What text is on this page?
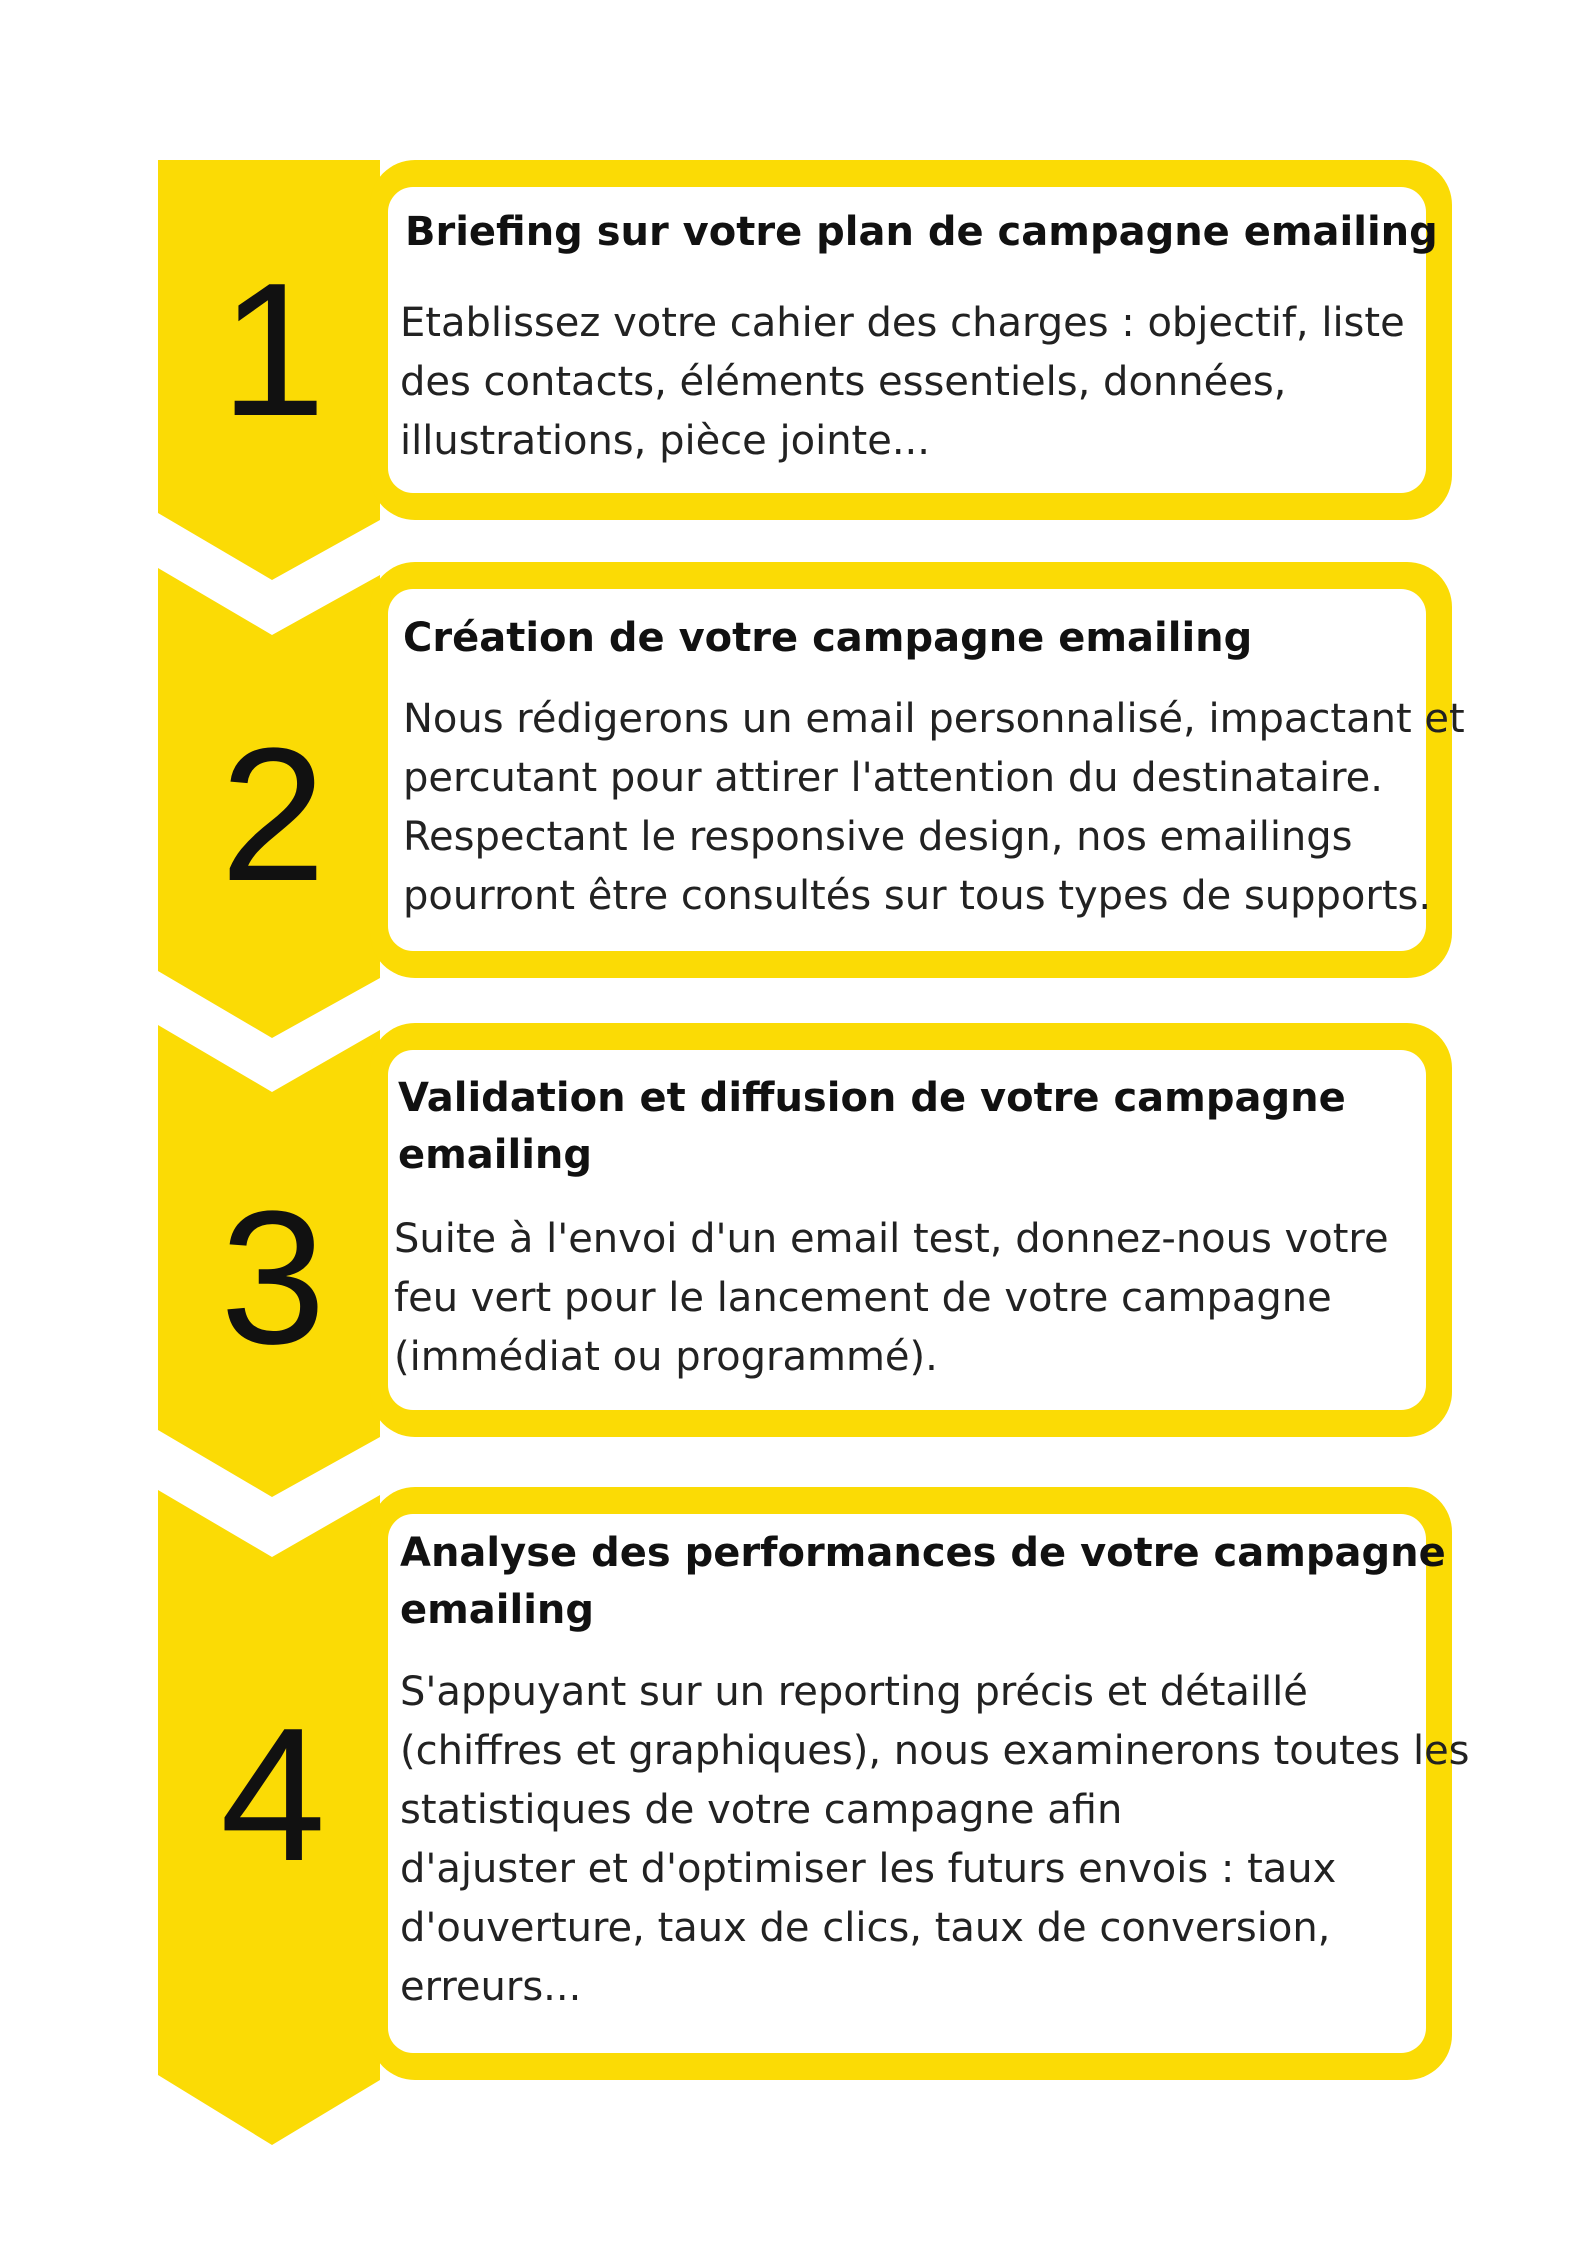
1
Briefing sur votre plan de campagne emailing

Etablissez votre cahier des charges : objectif, liste
des contacts, éléments essentiels, données,
illustrations, pièce jointe...

2
Création de votre campagne emailing

Nous rédigerons un email personnalisé, impactant et
percutant pour attirer l'attention du destinataire.
Respectant le responsive design, nos emailings
pourront être consultés sur tous types de supports.

3
Validation et diffusion de votre campagne
emailing

Suite à l'envoi d'un email test, donnez-nous votre
feu vert pour le lancement de votre campagne
(immédiat ou programmé).

4
Analyse des performances de votre campagne
emailing

S'appuyant sur un reporting précis et détaillé
(chiffres et graphiques), nous examinerons toutes les
statistiques de votre campagne afin
d'ajuster et d'optimiser les futurs envois : taux
d'ouverture, taux de clics, taux de conversion,
erreurs...
